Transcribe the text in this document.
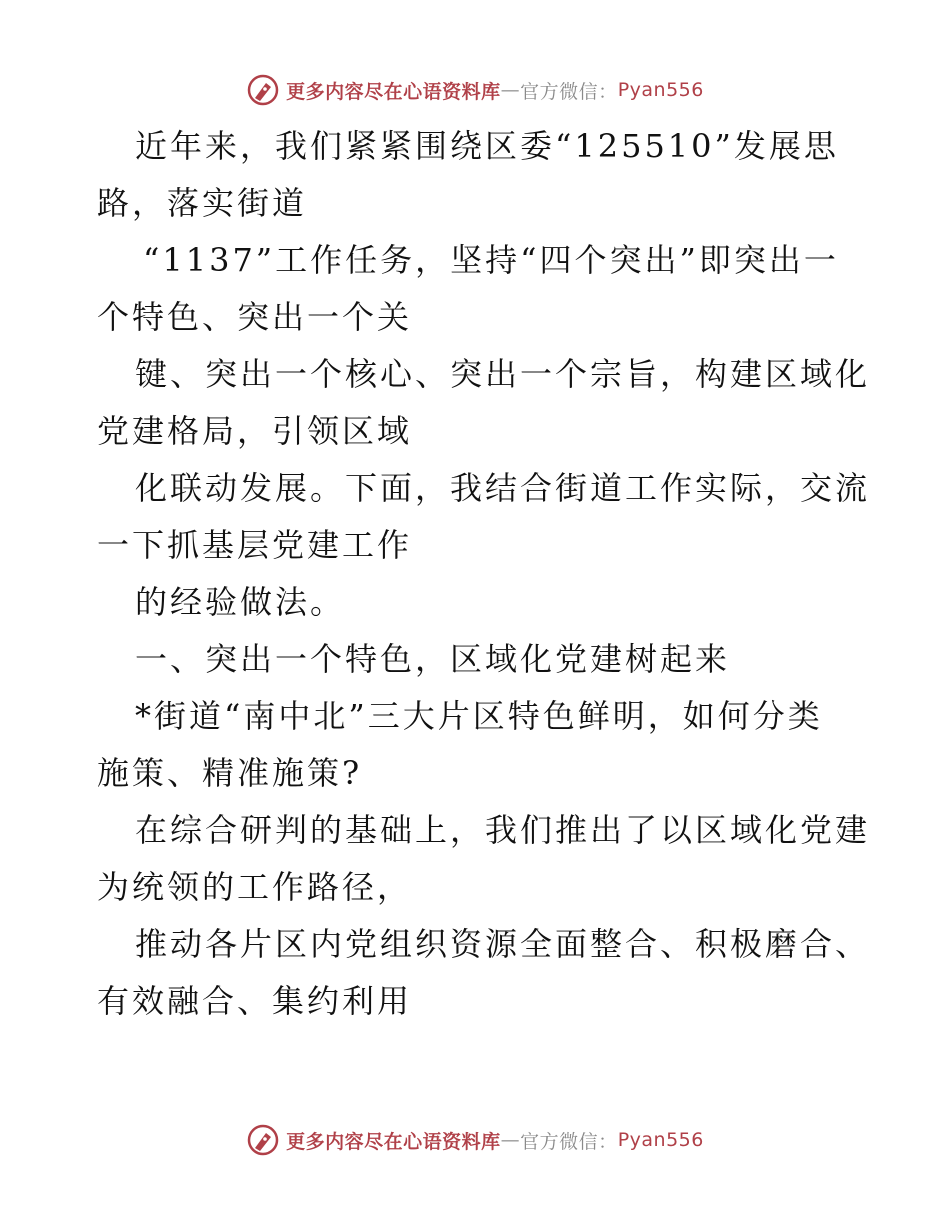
更多内容尽在心语资料库 — 官方微信： Pyan556
近年来，我们紧紧围绕区委“125510”发展思
路，落实街道
“1137”工作任务，坚持“四个突出”即突出一
个特色、突出一个关
键、突出一个核心、突出一个宗旨，构建区域化
党建格局，引领区域
化联动发展。下面，我结合街道工作实际，交流
一下抓基层党建工作
的经验做法。
一、突出一个特色，区域化党建树起来
*街道“南中北”三大片区特色鲜明，如何分类
施策、精准施策?
在综合研判的基础上，我们推出了以区域化党建
为统领的工作路径，
推动各片区内党组织资源全面整合、积极磨合、
有效融合、集约利用
更多内容尽在心语资料库 — 官方微信： Pyan556
